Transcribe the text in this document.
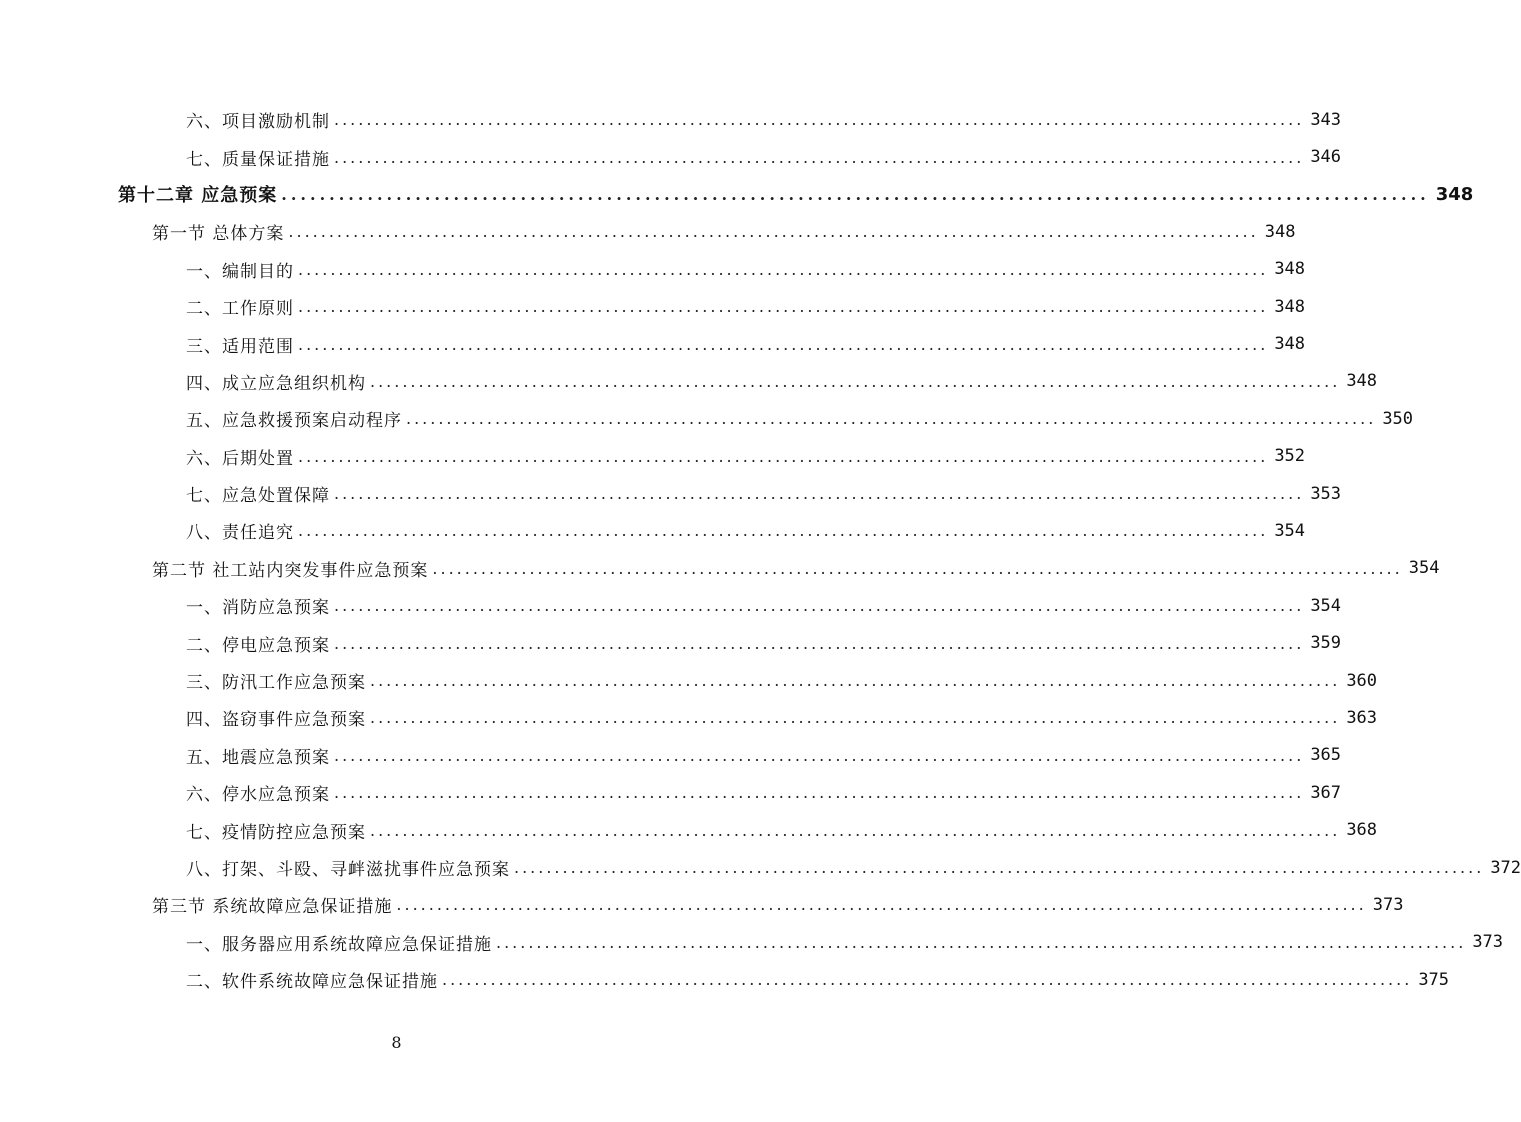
六、项目激励机制 ........................................................................................................................ 343
七、质量保证措施 ........................................................................................................................ 346
第十二章 应急预案 ........................................................................................................................ 348
第一节 总体方案 ........................................................................................................................ 348
一、编制目的 ........................................................................................................................ 348
二、工作原则 ........................................................................................................................ 348
三、适用范围 ........................................................................................................................ 348
四、成立应急组织机构 ........................................................................................................................ 348
五、应急救援预案启动程序 ........................................................................................................................ 350
六、后期处置 ........................................................................................................................ 352
七、应急处置保障 ........................................................................................................................ 353
八、责任追究 ........................................................................................................................ 354
第二节 社工站内突发事件应急预案 ........................................................................................................................ 354
一、消防应急预案 ........................................................................................................................ 354
二、停电应急预案 ........................................................................................................................ 359
三、防汛工作应急预案 ........................................................................................................................ 360
四、盗窃事件应急预案 ........................................................................................................................ 363
五、地震应急预案 ........................................................................................................................ 365
六、停水应急预案 ........................................................................................................................ 367
七、疫情防控应急预案 ........................................................................................................................ 368
八、打架、斗殴、寻衅滋扰事件应急预案 ........................................................................................................................ 372
第三节 系统故障应急保证措施 ........................................................................................................................ 373
一、服务器应用系统故障应急保证措施 ........................................................................................................................ 373
二、软件系统故障应急保证措施 ........................................................................................................................ 375
8
